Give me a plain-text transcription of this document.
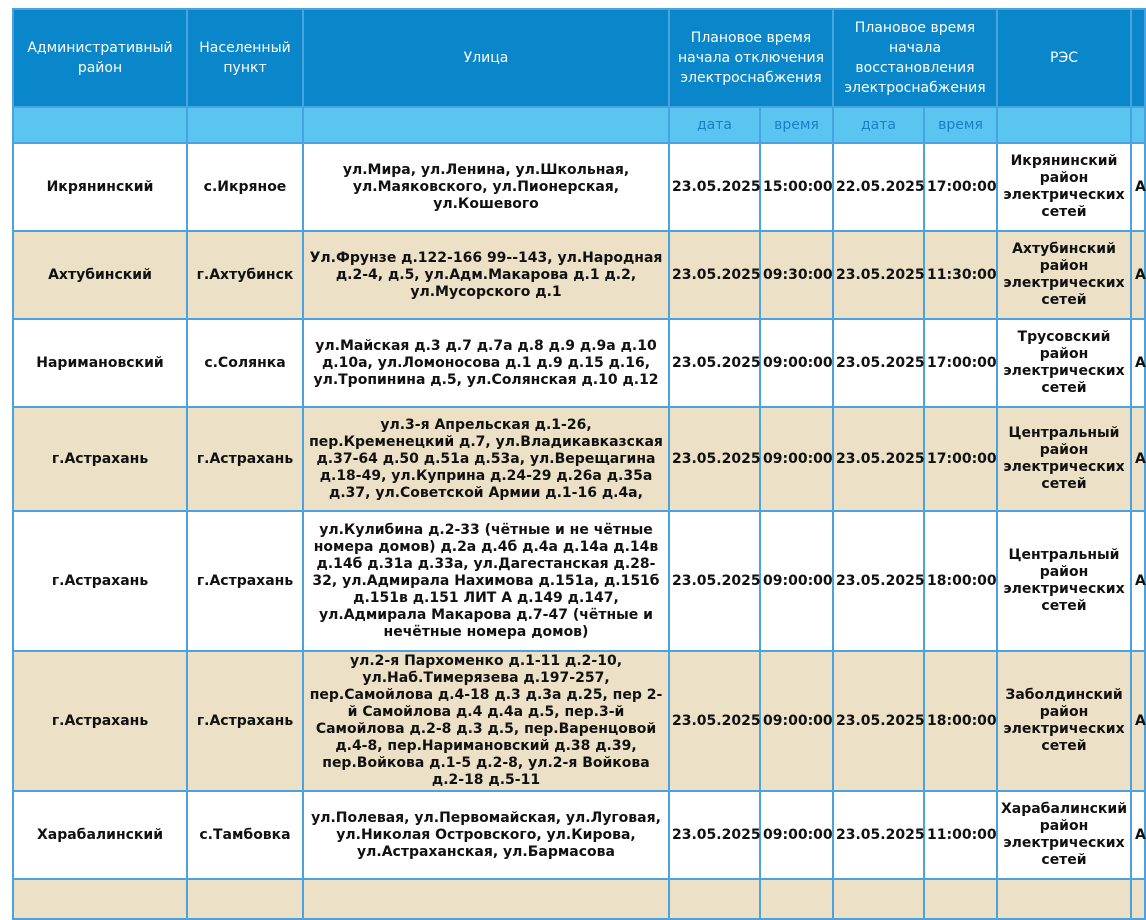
Административный район	Населенный пункт	Улица	Плановое время начала отключения электроснабжения		Плановое время начала восстановления электроснабжения		РЭС	
			дата	время	дата	время		
Икрянинский	с.Икряное	ул.Мира, ул.Ленина, ул.Школьная, ул.Маяковского, ул.Пионерская, ул.Кошевого	23.05.2025	15:00:00	22.05.2025	17:00:00	Икрянинский район электрических сетей	А
Ахтубинский	г.Ахтубинск	Ул.Фрунзе д.122-166 99--143, ул.Народная д.2-4, д.5, ул.Адм.Макарова д.1 д.2, ул.Мусорского д.1	23.05.2025	09:30:00	23.05.2025	11:30:00	Ахтубинский район электрических сетей	А
Наримановский	с.Солянка	ул.Майская д.3 д.7 д.7а д.8 д.9 д.9а д.10 д.10а, ул.Ломоносова д.1 д.9 д.15 д.16, ул.Тропинина д.5, ул.Солянская д.10 д.12	23.05.2025	09:00:00	23.05.2025	17:00:00	Трусовский район электрических сетей	А
г.Астрахань	г.Астрахань	ул.3-я Апрельская д.1-26, пер.Кременецкий д.7, ул.Владикавказская д.37-64 д.50 д.51а д.53а, ул.Верещагина д.18-49, ул.Куприна д.24-29 д.26а д.35а д.37, ул.Советской Армии д.1-16 д.4а,	23.05.2025	09:00:00	23.05.2025	17:00:00	Центральный район электрических сетей	А
г.Астрахань	г.Астрахань	ул.Кулибина д.2-33 (чётные и не чётные номера домов) д.2а д.4б д.4а д.14а д.14в д.14б д.31а д.33а, ул.Дагестанская д.28-32, ул.Адмирала Нахимова д.151а, д.151б д.151в д.151 ЛИТ А д.149 д.147, ул.Адмирала Макарова д.7-47 (чётные и нечётные номера домов)	23.05.2025	09:00:00	23.05.2025	18:00:00	Центральный район электрических сетей	А
г.Астрахань	г.Астрахань	ул.2-я Пархоменко д.1-11 д.2-10, ул.Наб.Тимерязева д.197-257, пер.Самойлова д.4-18 д.3 д.3а д.25, пер 2-й Самойлова д.4 д.4а д.5, пер.3-й Самойлова д.2-8 д.3 д.5, пер.Варенцовой д.4-8, пер.Наримановский д.38 д.39, пер.Войкова д.1-5 д.2-8, ул.2-я Войкова д.2-18 д.5-11	23.05.2025	09:00:00	23.05.2025	18:00:00	Заболдинский район электрических сетей	А
Харабалинский	с.Тамбовка	ул.Полевая, ул.Первомайская, ул.Луговая, ул.Николая Островского, ул.Кирова, ул.Астраханская, ул.Бармасова	23.05.2025	09:00:00	23.05.2025	11:00:00	Харабалинский район электрических сетей	А
